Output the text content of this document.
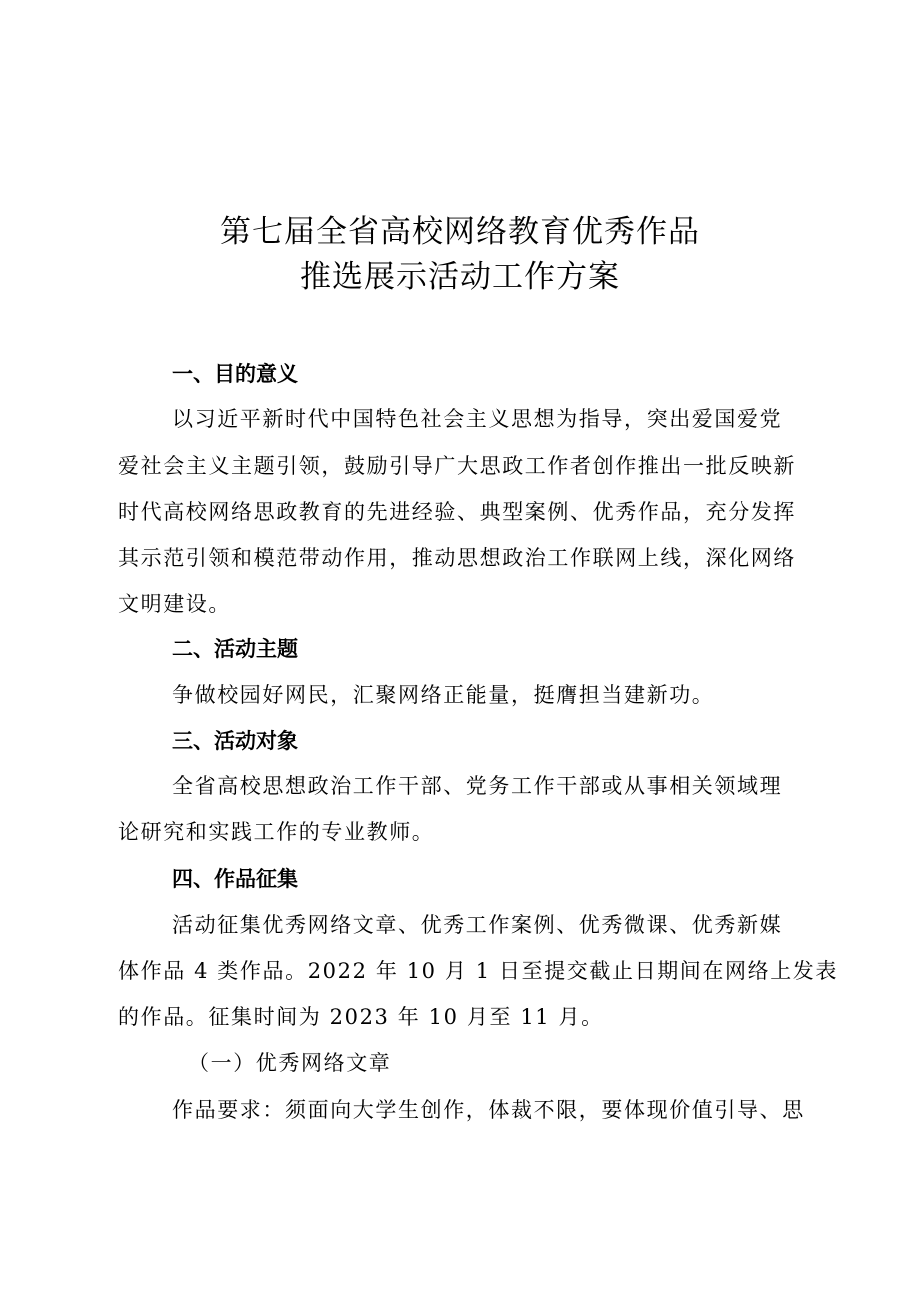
第七届全省高校网络教育优秀作品
推选展示活动工作方案
一、目的意义
以习近平新时代中国特色社会主义思想为指导，突出爱国爱党
爱社会主义主题引领，鼓励引导广大思政工作者创作推出一批反映新
时代高校网络思政教育的先进经验、典型案例、优秀作品，充分发挥
其示范引领和模范带动作用，推动思想政治工作联网上线，深化网络
文明建设。
二、活动主题
争做校园好网民，汇聚网络正能量，挺膺担当建新功。
三、活动对象
全省高校思想政治工作干部、党务工作干部或从事相关领域理
论研究和实践工作的专业教师。
四、作品征集
活动征集优秀网络文章、优秀工作案例、优秀微课、优秀新媒
体作品 4 类作品。2022 年 10 月 1 日至提交截止日期间在网络上发表
的作品。征集时间为 2023 年 10 月至 11 月。
（一）优秀网络文章
作品要求：须面向大学生创作，体裁不限，要体现价值引导、思
